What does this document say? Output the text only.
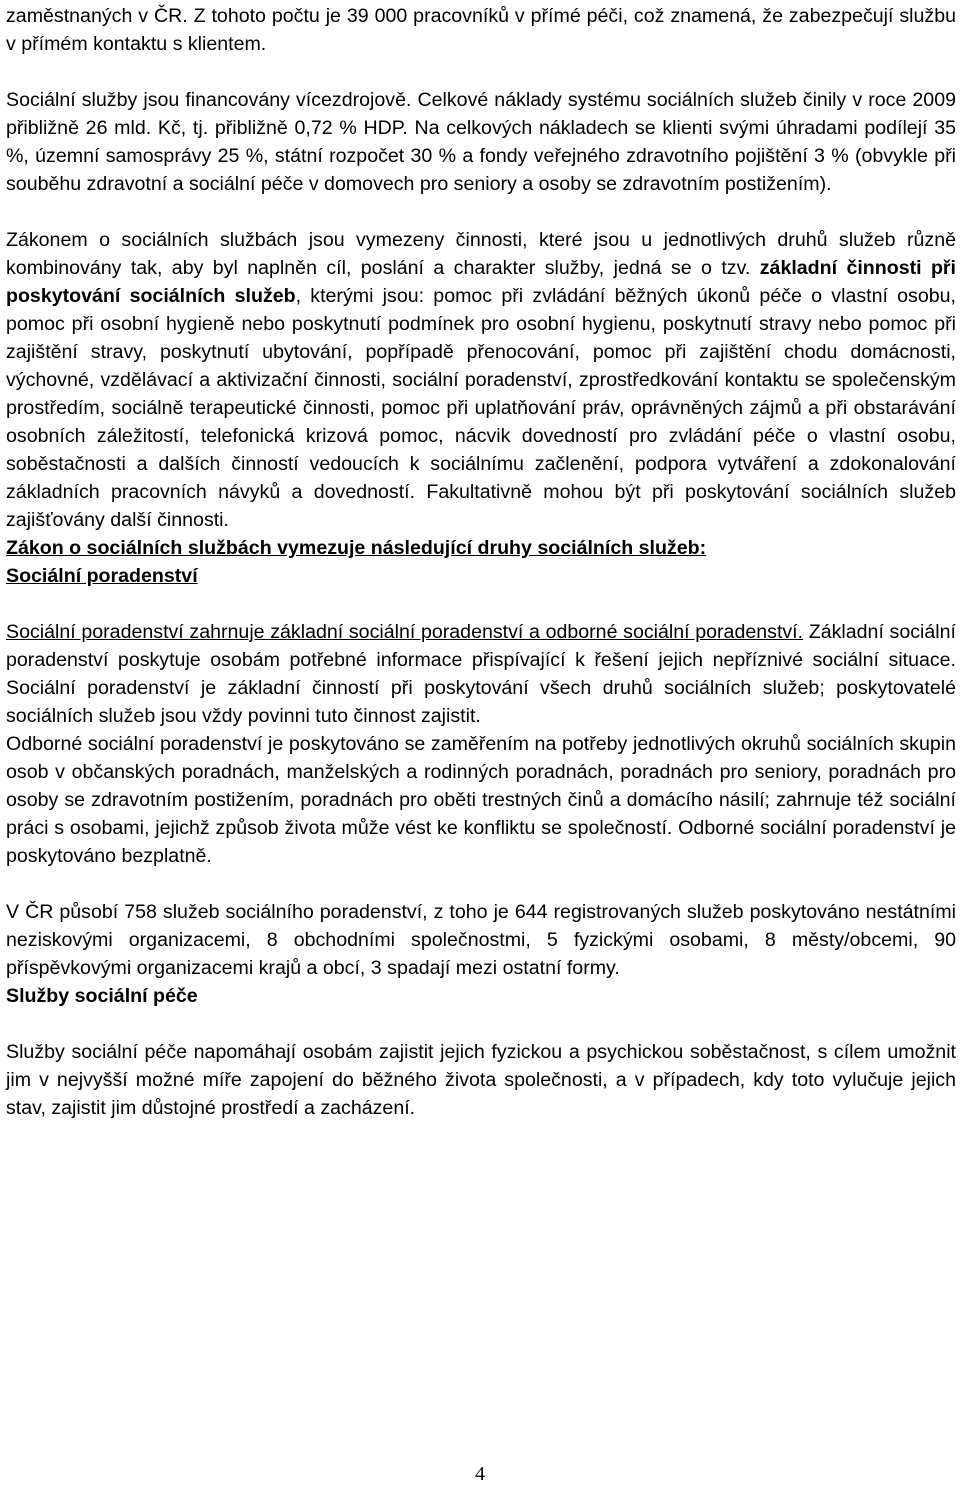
zaměstnaných v ČR. Z tohoto počtu je 39 000 pracovníků v přímé péči, což znamená, že zabezpečují službu v přímém kontaktu s klientem.

Sociální služby jsou financovány vícezdrojově. Celkové náklady systému sociálních služeb činily v roce 2009 přibližně 26 mld. Kč, tj. přibližně 0,72 % HDP. Na celkových nákladech se klienti svými úhradami podílejí 35 %, územní samosprávy 25 %, státní rozpočet 30 % a fondy veřejného zdravotního pojištění 3 % (obvykle při souběhu zdravotní a sociální péče v domovech pro seniory a osoby se zdravotním postižením).

Zákonem o sociálních službách jsou vymezeny činnosti, které jsou u jednotlivých druhů služeb různě kombinovány tak, aby byl naplněn cíl, poslání a charakter služby, jedná se o tzv. základní činnosti při poskytování sociálních služeb, kterými jsou: pomoc při zvládání běžných úkonů péče o vlastní osobu, pomoc při osobní hygieně nebo poskytnutí podmínek pro osobní hygienu, poskytnutí stravy nebo pomoc při zajištění stravy, poskytnutí ubytování, popřípadě přenocování, pomoc při zajištění chodu domácnosti, výchovné, vzdělávací a aktivizační činnosti, sociální poradenství, zprostředkování kontaktu se společenským prostředím, sociálně terapeutické činnosti, pomoc při uplatňování práv, oprávněných zájmů a při obstarávání osobních záležitostí, telefonická krizová pomoc, nácvik dovedností pro zvládání péče o vlastní osobu, soběstačnosti a dalších činností vedoucích k sociálnímu začlenění, podpora vytváření a zdokonalování základních pracovních návyků a dovedností. Fakultativně mohou být při poskytování sociálních služeb zajišťovány další činnosti.

Zákon o sociálních službách vymezuje následující druhy sociálních služeb:

Sociální poradenství

Sociální poradenství zahrnuje základní sociální poradenství a odborné sociální poradenství. Základní sociální poradenství poskytuje osobám potřebné informace přispívající k řešení jejich nepříznivé sociální situace. Sociální poradenství je základní činností při poskytování všech druhů sociálních služeb; poskytovatelé sociálních služeb jsou vždy povinni tuto činnost zajistit.

Odborné sociální poradenství je poskytováno se zaměřením na potřeby jednotlivých okruhů sociálních skupin osob v občanských poradnách, manželských a rodinných poradnách, poradnách pro seniory, poradnách pro osoby se zdravotním postižením, poradnách pro oběti trestných činů a domácího násilí; zahrnuje též sociální práci s osobami, jejichž způsob života může vést ke konfliktu se společností. Odborné sociální poradenství je poskytováno bezplatně.

V ČR působí 758 služeb sociálního poradenství, z toho je 644 registrovaných služeb poskytováno nestátními neziskovými organizacemi, 8 obchodními společnostmi, 5 fyzickými osobami, 8 městy/obcemi, 90 příspěvkovými organizacemi krajů a obcí, 3 spadají mezi ostatní formy.

Služby sociální péče

Služby sociální péče napomáhají osobám zajistit jejich fyzickou a psychickou soběstačnost, s cílem umožnit jim v nejvyšší možné míře zapojení do běžného života společnosti, a v případech, kdy toto vylučuje jejich stav, zajistit jim důstojné prostředí a zacházení.

4
